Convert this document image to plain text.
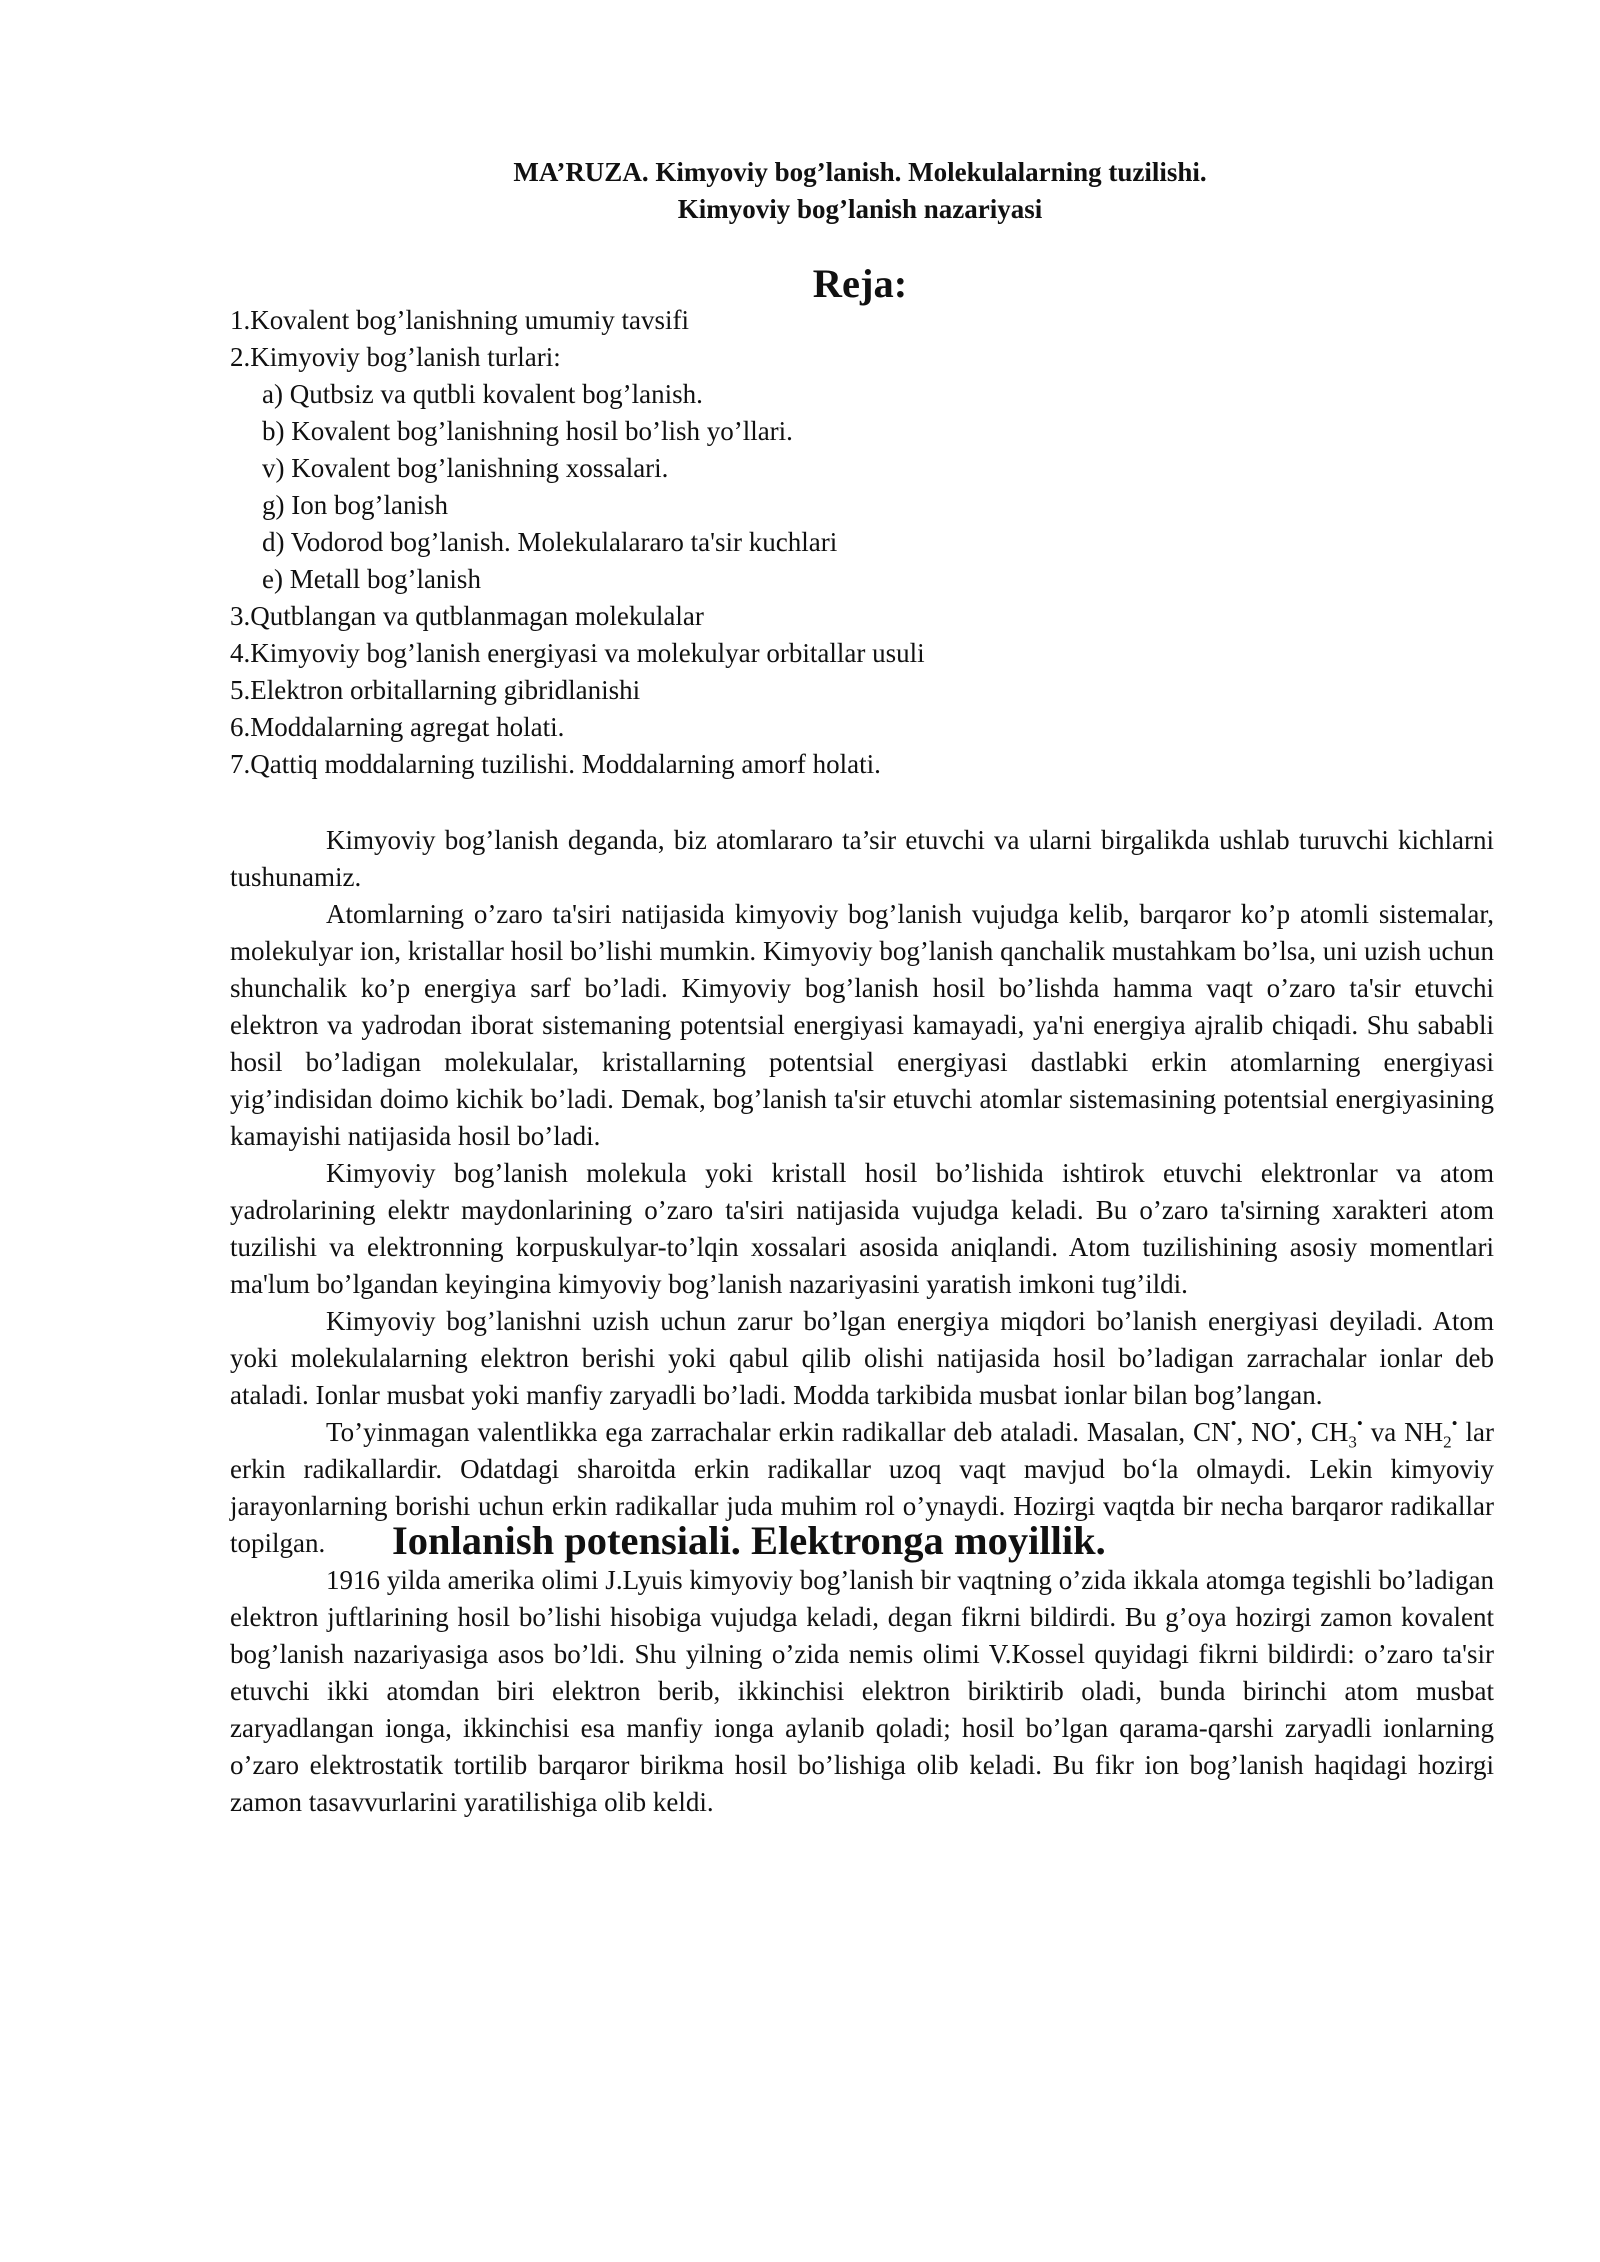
MA’RUZA. Kimyoviy bog’lanish. Molekulalarning tuzilishi.
Kimyoviy bog’lanish nazariyasi
Reja:
1.Kovalent bog’lanishning umumiy tavsifi
2.Kimyoviy bog’lanish turlari:
a) Qutbsiz va qutbli kovalent bog’lanish.
b) Kovalent bog’lanishning hosil bo’lish yo’llari.
v) Kovalent bog’lanishning xossalari.
g) Ion bog’lanish
d) Vodorod bog’lanish. Molekulalararo ta'sir kuchlari
e) Metall bog’lanish
3.Qutblangan va qutblanmagan molekulalar
4.Kimyoviy bog’lanish energiyasi va molekulyar orbitallar usuli
5.Elektron orbitallarning gibridlanishi
6.Moddalarning agregat holati.
7.Qattiq moddalarning tuzilishi. Moddalarning amorf holati.

Kimyoviy bog’lanish deganda, biz atomlararo ta’sir etuvchi va ularni birgalikda ushlab turuvchi kichlarni tushunamiz.

Atomlarning o’zaro ta'siri natijasida kimyoviy bog’lanish vujudga kelib, barqaror ko’p atomli sistemalar, molekulyar ion, kristallar hosil bo’lishi mumkin. Kimyoviy bog’lanish qanchalik mustahkam bo’lsa, uni uzish uchun shunchalik ko’p energiya sarf bo’ladi. Kimyoviy bog’lanish hosil bo’lishda hamma vaqt o’zaro ta'sir etuvchi elektron va yadrodan iborat sistemaning potentsial energiyasi kamayadi, ya'ni energiya ajralib chiqadi. Shu sababli hosil bo’ladigan molekulalar, kristallarning potentsial energiyasi dastlabki erkin atomlarning energiyasi yig’indisidan doimo kichik bo’ladi. Demak, bog’lanish ta'sir etuvchi atomlar sistemasining potentsial energiyasining kamayishi natijasida hosil bo’ladi.

Kimyoviy bog’lanish molekula yoki kristall hosil bo’lishida ishtirok etuvchi elektronlar va atom yadrolarining elektr maydonlarining o’zaro ta'siri natijasida vujudga keladi. Bu o’zaro ta'sirning xarakteri atom tuzilishi va elektronning korpuskulyar-to’lqin xossalari asosida aniqlandi. Atom tuzilishining asosiy momentlari ma'lum bo’lgandan keyingina kimyoviy bog’lanish nazariyasini yaratish imkoni tug’ildi.

Kimyoviy bog’lanishni uzish uchun zarur bo’lgan energiya miqdori bo’lanish energiyasi deyiladi. Atom yoki molekulalarning elektron berishi yoki qabul qilib olishi natijasida hosil bo’ladigan zarrachalar ionlar deb ataladi. Ionlar musbat yoki manfiy zaryadli bo’ladi. Modda tarkibida musbat ionlar bilan bog’langan.

To’yinmagan valentlikka ega zarrachalar erkin radikallar deb ataladi. Masalan, CN•, NO•, $CH_3^•$ va $NH_2^•$ lar erkin radikallardir. Odatdagi sharoitda erkin radikallar uzoq vaqt mavjud bo‘la olmaydi. Lekin kimyoviy jarayonlarning borishi uchun erkin radikallar juda muhim rol o’ynaydi. Hozirgi vaqtda bir necha barqaror radikallar topilgan.

1916 yilda amerika olimi J.Lyuis kimyoviy bog’lanish bir vaqtning o’zida ikkala atomga tegishli bo’ladigan elektron juftlarining hosil bo’lishi hisobiga vujudga keladi, degan fikrni bildirdi. Bu g’oya hozirgi zamon kovalent bog’lanish nazariyasiga asos bo’ldi. Shu yilning o’zida nemis olimi V.Kossel quyidagi fikrni bildirdi: o’zaro ta'sir etuvchi ikki atomdan biri elektron berib, ikkinchisi elektron biriktirib oladi, bunda birinchi atom musbat zaryadlangan ionga, ikkinchisi esa manfiy ionga aylanib qoladi; hosil bo’lgan qarama-qarshi zaryadli ionlarning o’zaro elektrostatik tortilib barqaror birikma hosil bo’lishiga olib keladi. Bu fikr ion bog’lanish haqidagi hozirgi zamon tasavvurlarini yaratilishiga olib keldi.

Ionlanish potensiali. Elektronga moyillik.
